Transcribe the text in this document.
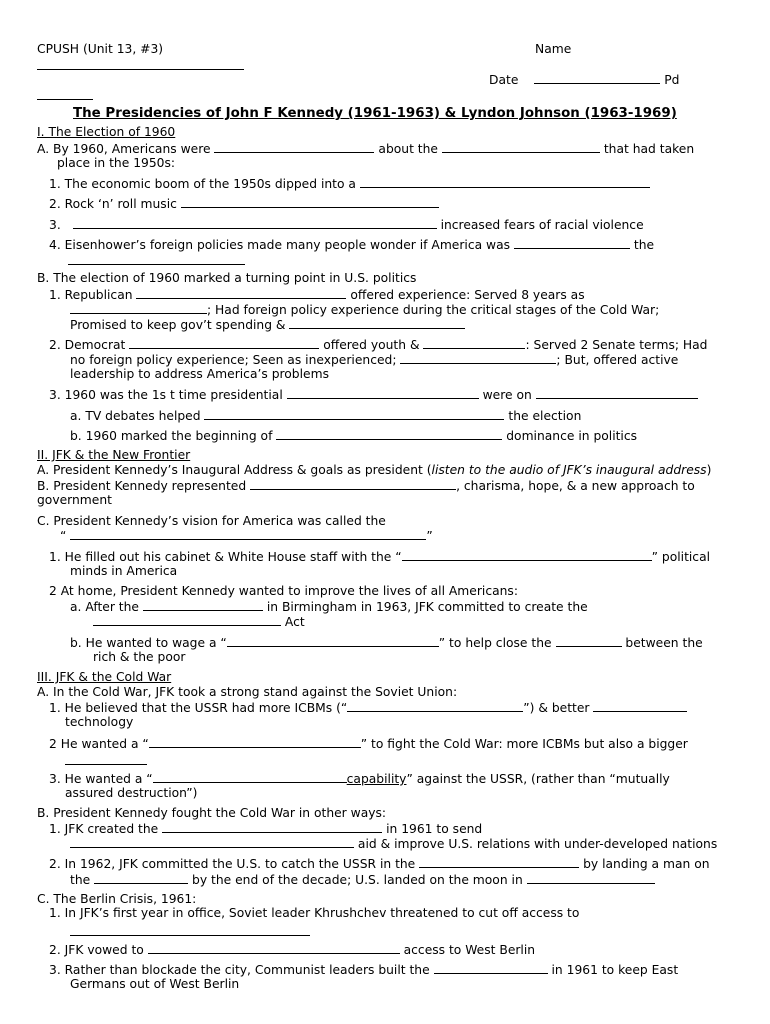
CPUSH (Unit 13, #3)	Name
Date	Pd
The Presidencies of John F Kennedy (1961-1963) & Lyndon Johnson (1963-1969)
I. The Election of 1960
A. By 1960, Americans were	about the	that had taken
place in the 1950s:
1. The economic boom of the 1950s dipped into a
2. Rock ‘n’ roll music
3.	increased fears of racial violence
4. Eisenhower’s foreign policies made many people wonder if America was	the
B. The election of 1960 marked a turning point in U.S. politics
1. Republican	offered experience: Served 8 years as
; Had foreign policy experience during the critical stages of the Cold War;
Promised to keep gov’t spending &
2. Democrat	offered youth &	: Served 2 Senate terms; Had
no foreign policy experience; Seen as inexperienced;	; But, offered active
leadership to address America’s problems
3. 1960 was the 1s t time presidential	were on
a. TV debates helped	the election
b. 1960 marked the beginning of	dominance in politics
II. JFK & the New Frontier
A. President Kennedy’s Inaugural Address & goals as president (listen to the audio of JFK’s inaugural address)
B. President Kennedy represented	, charisma, hope, & a new approach to
government
C. President Kennedy’s vision for America was called the
“	”
1. He filled out his cabinet & White House staff with the “	” political
minds in America
2 At home, President Kennedy wanted to improve the lives of all Americans:
a. After the	in Birmingham in 1963, JFK committed to create the
Act
b. He wanted to wage a “	” to help close the	between the
rich & the poor
III. JFK & the Cold War
A. In the Cold War, JFK took a strong stand against the Soviet Union:
1. He believed that the USSR had more ICBMs (“	”) & better
technology
2 He wanted a “	” to fight the Cold War: more ICBMs but also a bigger
3. He wanted a “	capability” against the USSR, (rather than “mutually
assured destruction”)
B. President Kennedy fought the Cold War in other ways:
1. JFK created the	in 1961 to send
aid & improve U.S. relations with under-developed nations
2. In 1962, JFK committed the U.S. to catch the USSR in the	by landing a man on
the	by the end of the decade; U.S. landed on the moon in
C. The Berlin Crisis, 1961:
1. In JFK’s first year in office, Soviet leader Khrushchev threatened to cut off access to
2. JFK vowed to	access to West Berlin
3. Rather than blockade the city, Communist leaders built the	in 1961 to keep East
Germans out of West Berlin
